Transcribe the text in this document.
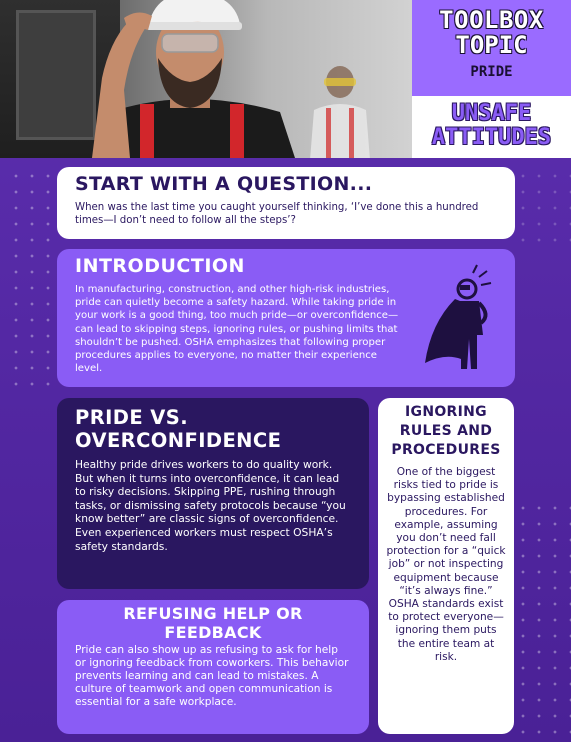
TOOLBOX
TOPIC
PRIDE
UNSAFE
ATTITUDES
START WITH A QUESTION...

When was the last time you caught yourself thinking, ‘I’ve done this a hundred times—I don’t need to follow all the steps’?

INTRODUCTION

In manufacturing, construction, and other high-risk industries, pride can quietly become a safety hazard. While taking pride in your work is a good thing, too much pride—or overconfidence—can lead to skipping steps, ignoring rules, or pushing limits that shouldn’t be pushed. OSHA emphasizes that following proper procedures applies to everyone, no matter their experience level.

PRIDE VS.
OVERCONFIDENCE

Healthy pride drives workers to do quality work. But when it turns into overconfidence, it can lead to risky decisions. Skipping PPE, rushing through tasks, or dismissing safety protocols because “you know better” are classic signs of overconfidence. Even experienced workers must respect OSHA’s safety standards.

REFUSING HELP OR
FEEDBACK

Pride can also show up as refusing to ask for help or ignoring feedback from coworkers. This behavior prevents learning and can lead to mistakes. A culture of teamwork and open communication is essential for a safe workplace.

IGNORING
RULES AND
PROCEDURES

One of the biggest risks tied to pride is bypassing established procedures. For example, assuming you don’t need fall protection for a “quick job” or not inspecting equipment because “it’s always fine.” OSHA standards exist to protect everyone—ignoring them puts the entire team at risk.
